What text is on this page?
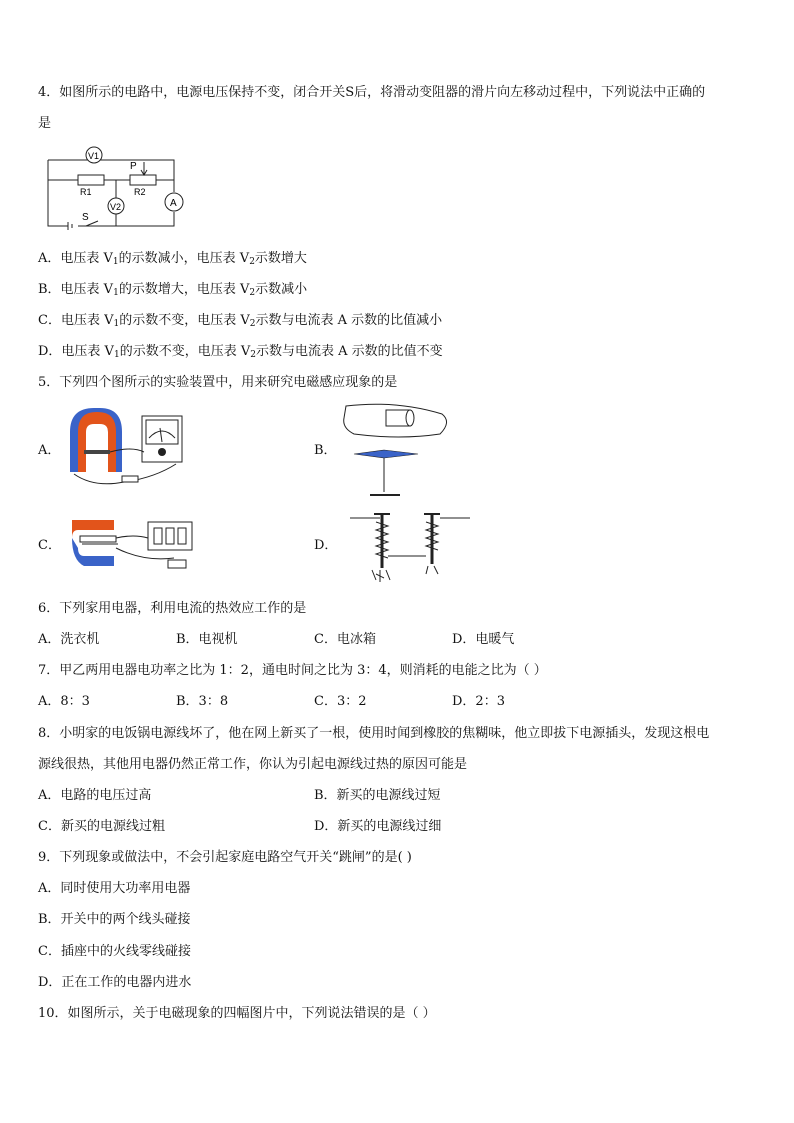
4．如图所示的电路中，电源电压保持不变，闭合开关S后，将滑动变阻器的滑片向左移动过程中，下列说法中正确的
是
V1
V2
P
R1	R2
A
S
A．电压表 $V_1$的示数减小，电压表 $V_2$示数增大
B．电压表 $V_1$的示数增大，电压表 $V_2$示数减小
C．电压表 $V_1$的示数不变，电压表 $V_2$示数与电流表 A 示数的比值减小
D．电压表 $V_1$的示数不变，电压表 $V_2$示数与电流表 A 示数的比值不变
5．下列四个图所示的实验装置中，用来研究电磁感应现象的是
A．	B．
C．	D．
6．下列家用电器，利用电流的热效应工作的是
A．洗衣机	B．电视机	C．电冰箱	D．电暖气
7．甲乙两用电器电功率之比为 1：2，通电时间之比为 3：4，则消耗的电能之比为（ ）
A．8：3	B．3：8	C．3：2	D．2：3
8．小明家的电饭锅电源线坏了，他在网上新买了一根，使用时闻到橡胶的焦糊味，他立即拔下电源插头，发现这根电
源线很热，其他用电器仍然正常工作，你认为引起电源线过热的原因可能是
A．电路的电压过高	B．新买的电源线过短
C．新买的电源线过粗	D．新买的电源线过细
9．下列现象或做法中，不会引起家庭电路空气开关“跳闸”的是( )
A．同时使用大功率用电器
B．开关中的两个线头碰接
C．插座中的火线零线碰接
D．正在工作的电器内进水
10．如图所示，关于电磁现象的四幅图片中，下列说法错误的是（ ）
